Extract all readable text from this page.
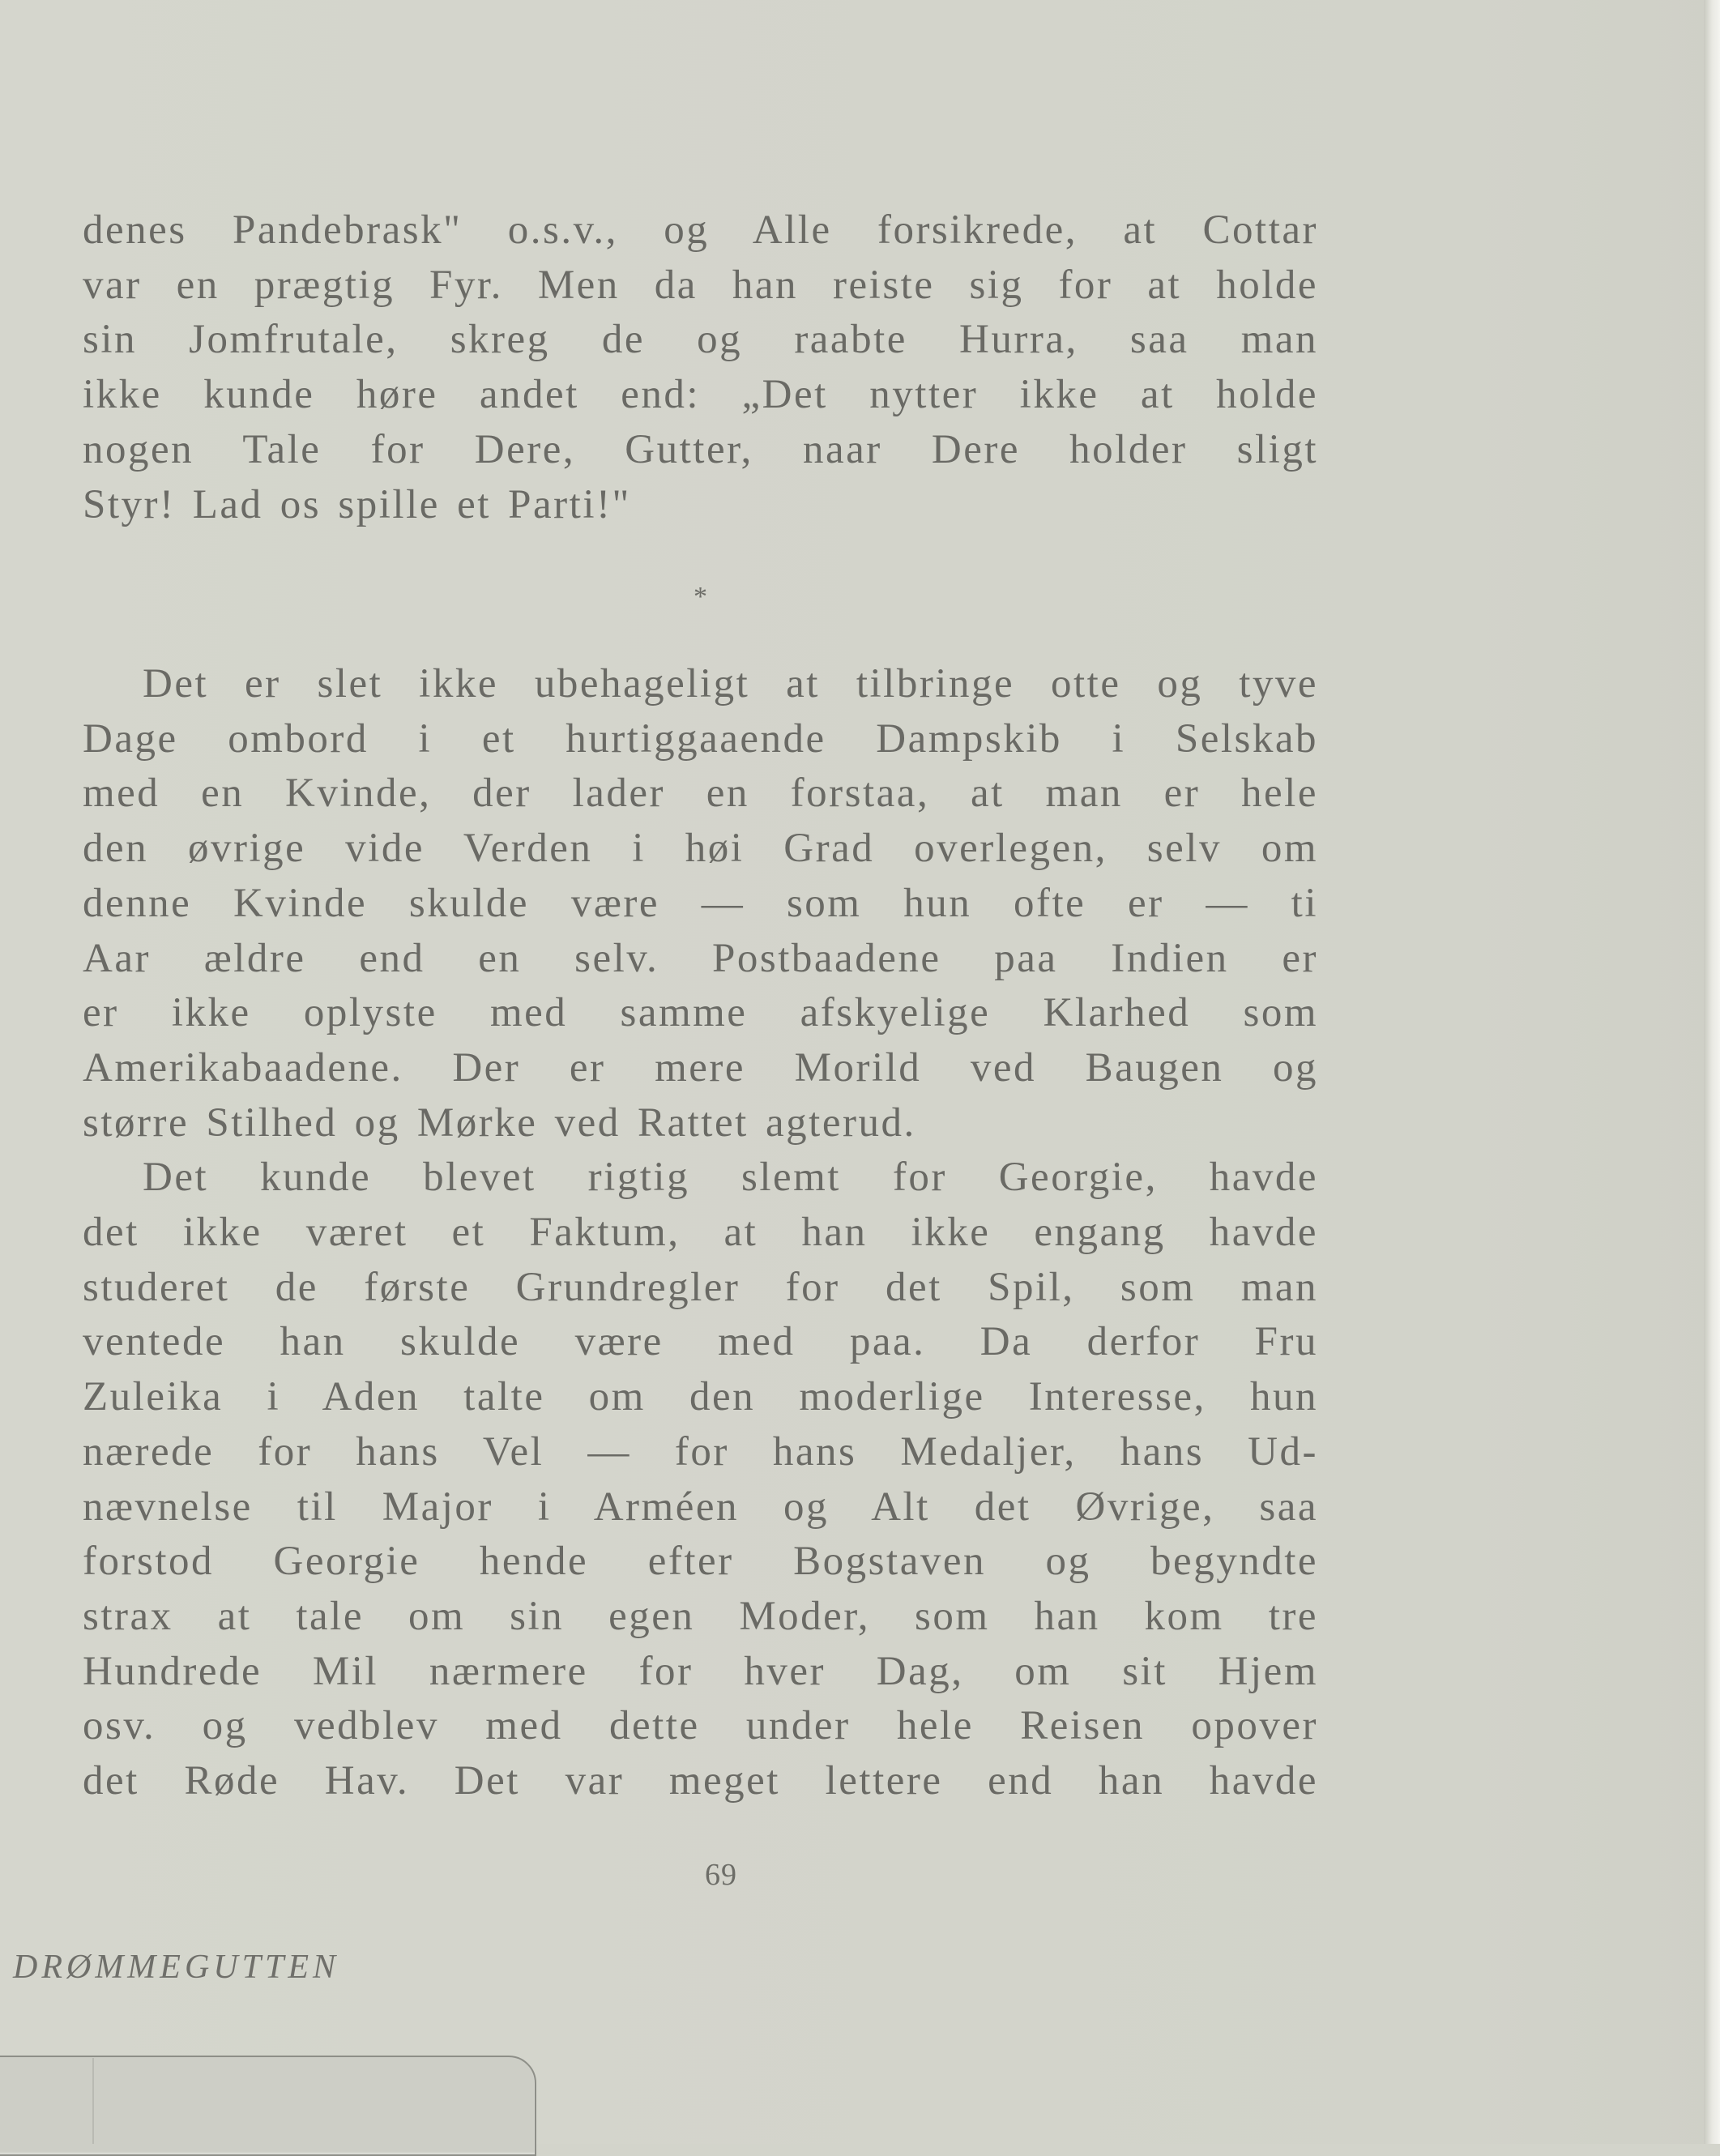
denes Pandebrask" o.s.v., og Alle forsikrede, at Cottar
var en prægtig Fyr. Men da han reiste sig for at holde
sin Jomfrutale, skreg de og raabte Hurra, saa man
ikke kunde høre andet end: „Det nytter ikke at holde
nogen Tale for Dere, Gutter, naar Dere holder sligt
Styr! Lad os spille et Parti!"
*
Det er slet ikke ubehageligt at tilbringe otte og tyve
Dage ombord i et hurtiggaaende Dampskib i Selskab
med en Kvinde, der lader en forstaa, at man er hele
den øvrige vide Verden i høi Grad overlegen, selv om
denne Kvinde skulde være — som hun ofte er — ti
Aar ældre end en selv. Postbaadene paa Indien er
er ikke oplyste med samme afskyelige Klarhed som
Amerikabaadene. Der er mere Morild ved Baugen og
større Stilhed og Mørke ved Rattet agterud.
Det kunde blevet rigtig slemt for Georgie, havde
det ikke været et Faktum, at han ikke engang havde
studeret de første Grundregler for det Spil, som man
ventede han skulde være med paa. Da derfor Fru
Zuleika i Aden talte om den moderlige Interesse, hun
nærede for hans Vel — for hans Medaljer, hans Ud-
nævnelse til Major i Arméen og Alt det Øvrige, saa
forstod Georgie hende efter Bogstaven og begyndte
strax at tale om sin egen Moder, som han kom tre
Hundrede Mil nærmere for hver Dag, om sit Hjem
osv. og vedblev med dette under hele Reisen opover
det Røde Hav. Det var meget lettere end han havde
69
DRØMMEGUTTEN
